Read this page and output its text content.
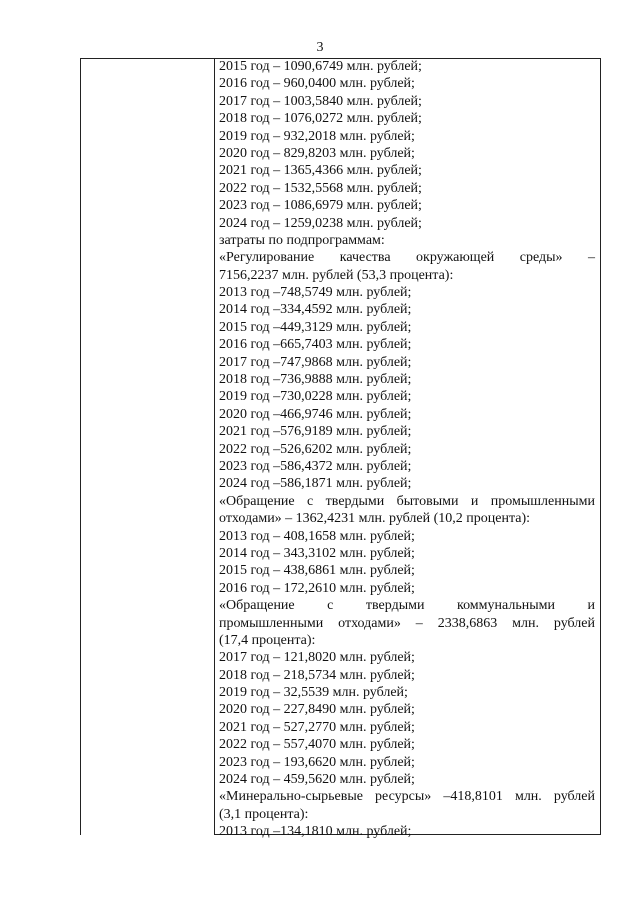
3
2015 год – 1090,6749 млн. рублей;
2016 год – 960,0400 млн. рублей;
2017 год – 1003,5840 млн. рублей;
2018 год – 1076,0272 млн. рублей;
2019 год – 932,2018 млн. рублей;
2020 год – 829,8203 млн. рублей;
2021 год – 1365,4366 млн. рублей;
2022 год – 1532,5568 млн. рублей;
2023 год – 1086,6979 млн. рублей;
2024 год – 1259,0238 млн. рублей;
затраты по подпрограммам:
«Регулирование качества окружающей среды» –
7156,2237 млн. рублей (53,3 процента):
2013 год –748,5749 млн. рублей;
2014 год –334,4592 млн. рублей;
2015 год –449,3129 млн. рублей;
2016 год –665,7403 млн. рублей;
2017 год –747,9868 млн. рублей;
2018 год –736,9888 млн. рублей;
2019 год –730,0228 млн. рублей;
2020 год –466,9746 млн. рублей;
2021 год –576,9189 млн. рублей;
2022 год –526,6202 млн. рублей;
2023 год –586,4372 млн. рублей;
2024 год –586,1871 млн. рублей;
«Обращение с твердыми бытовыми и промышленными
отходами» – 1362,4231 млн. рублей (10,2 процента):
2013 год – 408,1658 млн. рублей;
2014 год – 343,3102 млн. рублей;
2015 год – 438,6861 млн. рублей;
2016 год – 172,2610 млн. рублей;
«Обращение с твердыми коммунальными и
промышленными отходами» – 2338,6863 млн. рублей
(17,4 процента):
2017 год – 121,8020 млн. рублей;
2018 год – 218,5734 млн. рублей;
2019 год – 32,5539 млн. рублей;
2020 год – 227,8490 млн. рублей;
2021 год – 527,2770 млн. рублей;
2022 год – 557,4070 млн. рублей;
2023 год – 193,6620 млн. рублей;
2024 год – 459,5620 млн. рублей;
«Минерально-сырьевые ресурсы» –418,8101 млн. рублей
(3,1 процента):
2013 год –134,1810 млн. рублей;
